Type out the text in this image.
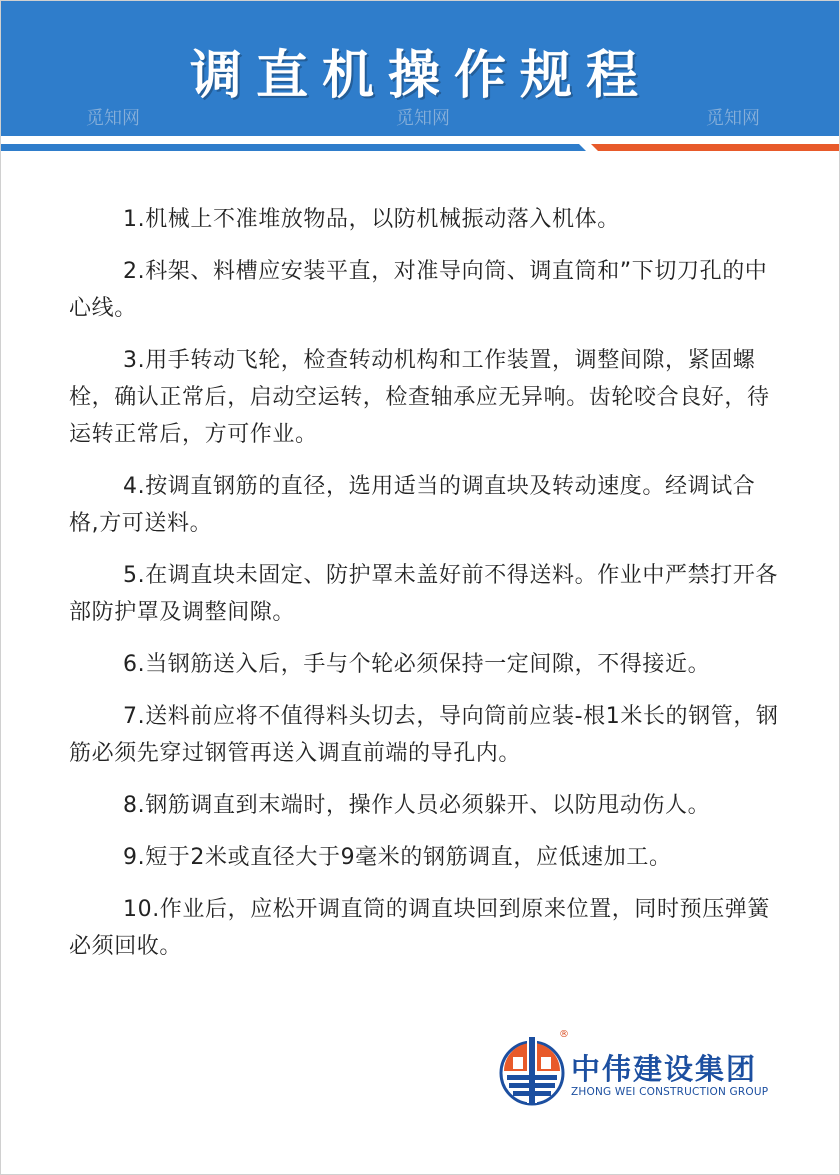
调直机操作规程
觅知网	觅知网	觅知网

1.机械上不准堆放物品，以防机械振动落入机体。

2.科架、料槽应安装平直，对准导向筒、调直筒和”下切刀孔的中心线。

3.用手转动飞轮，检查转动机构和工作装置，调整间隙，紧固螺栓，确认正常后，启动空运转，检查轴承应无异响。齿轮咬合良好，待运转正常后，方可作业。

4.按调直钢筋的直径，选用适当的调直块及转动速度。经调试合格,方可送料。

5.在调直块未固定、防护罩未盖好前不得送料。作业中严禁打开各部防护罩及调整间隙。

6.当钢筋送入后，手与个轮必须保持一定间隙，不得接近。

7.送料前应将不值得料头切去，导向筒前应装-根1米长的钢管，钢筋必须先穿过钢管再送入调直前端的导孔内。

8.钢筋调直到末端时，操作人员必须躲开、以防甩动伤人。

9.短于2米或直径大于9毫米的钢筋调直，应低速加工。

10.作业后，应松开调直筒的调直块回到原来位置，同时预压弹簧必须回收。

®
中伟建设集团
ZHONG WEI CONSTRUCTION GROUP
